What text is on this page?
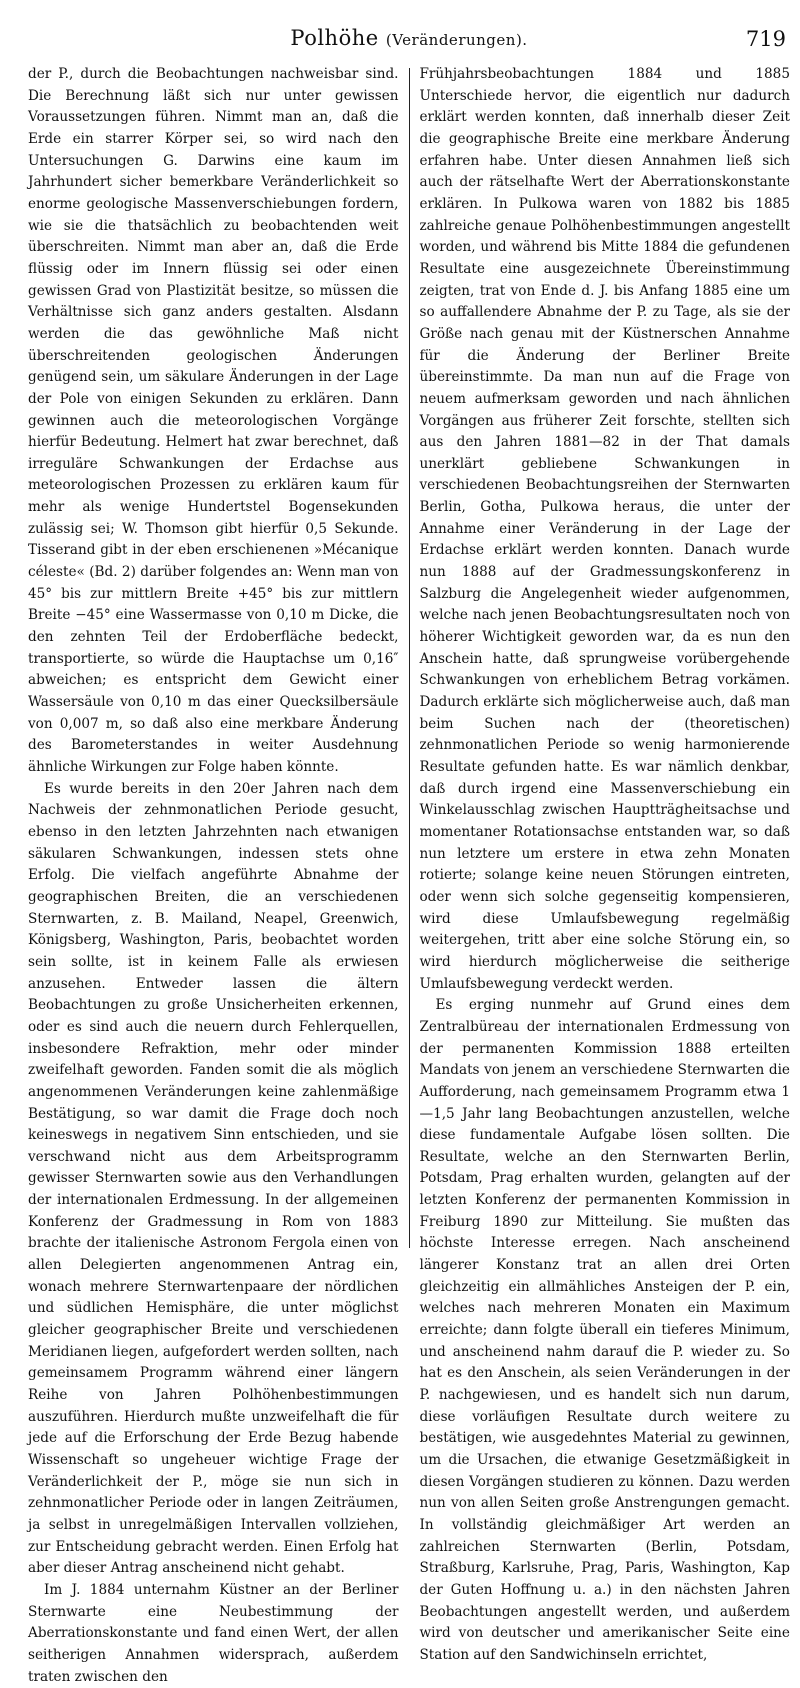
Polhöhe (Veränderungen).	719

der P., durch die Beobachtungen nachweisbar sind. Die Berechnung läßt sich nur unter gewissen Voraussetzungen führen. Nimmt man an, daß die Erde ein starrer Körper sei, so wird nach den Untersuchungen G. Darwins eine kaum im Jahrhundert sicher bemerkbare Veränderlichkeit so enorme geologische Massenverschiebungen fordern, wie sie die thatsächlich zu beobachtenden weit überschreiten. Nimmt man aber an, daß die Erde flüssig oder im Innern flüssig sei oder einen gewissen Grad von Plastizität besitze, so müssen die Verhältnisse sich ganz anders gestalten. Alsdann werden die das gewöhnliche Maß nicht überschreitenden geologischen Änderungen genügend sein, um säkulare Änderungen in der Lage der Pole von einigen Sekunden zu erklären. Dann gewinnen auch die meteorologischen Vorgänge hierfür Bedeutung. Helmert hat zwar berechnet, daß irreguläre Schwankungen der Erdachse aus meteorologischen Prozessen zu erklären kaum für mehr als wenige Hundertstel Bogensekunden zulässig sei; W. Thomson gibt hierfür 0,5 Sekunde. Tisserand gibt in der eben erschienenen »Mécanique céleste« (Bd. 2) darüber folgendes an: Wenn man von 45° bis zur mittlern Breite +45° bis zur mittlern Breite −45° eine Wassermasse von 0,10 m Dicke, die den zehnten Teil der Erdoberfläche bedeckt, transportierte, so würde die Hauptachse um 0,16″ abweichen; es entspricht dem Gewicht einer Wassersäule von 0,10 m das einer Quecksilbersäule von 0,007 m, so daß also eine merkbare Änderung des Barometerstandes in weiter Ausdehnung ähnliche Wirkungen zur Folge haben könnte.

Es wurde bereits in den 20er Jahren nach dem Nachweis der zehnmonatlichen Periode gesucht, ebenso in den letzten Jahrzehnten nach etwanigen säkularen Schwankungen, indessen stets ohne Erfolg. Die vielfach angeführte Abnahme der geographischen Breiten, die an verschiedenen Sternwarten, z. B. Mailand, Neapel, Greenwich, Königsberg, Washington, Paris, beobachtet worden sein sollte, ist in keinem Falle als erwiesen anzusehen. Entweder lassen die ältern Beobachtungen zu große Unsicherheiten erkennen, oder es sind auch die neuern durch Fehlerquellen, insbesondere Refraktion, mehr oder minder zweifelhaft geworden. Fanden somit die als möglich angenommenen Veränderungen keine zahlenmäßige Bestätigung, so war damit die Frage doch noch keineswegs in negativem Sinn entschieden, und sie verschwand nicht aus dem Arbeitsprogramm gewisser Sternwarten sowie aus den Verhandlungen der internationalen Erdmessung. In der allgemeinen Konferenz der Gradmessung in Rom von 1883 brachte der italienische Astronom Fergola einen von allen Delegierten angenommenen Antrag ein, wonach mehrere Sternwartenpaare der nördlichen und südlichen Hemisphäre, die unter möglichst gleicher geographischer Breite und verschiedenen Meridianen liegen, aufgefordert werden sollten, nach gemeinsamem Programm während einer längern Reihe von Jahren Polhöhenbestimmungen auszuführen. Hierdurch mußte unzweifelhaft die für jede auf die Erforschung der Erde Bezug habende Wissenschaft so ungeheuer wichtige Frage der Veränderlichkeit der P., möge sie nun sich in zehnmonatlicher Periode oder in langen Zeiträumen, ja selbst in unregelmäßigen Intervallen vollziehen, zur Entscheidung gebracht werden. Einen Erfolg hat aber dieser Antrag anscheinend nicht gehabt.

Im J. 1884 unternahm Küstner an der Berliner Sternwarte eine Neubestimmung der Aberrationskonstante und fand einen Wert, der allen seitherigen Annahmen widersprach, außerdem traten zwischen den

Frühjahrsbeobachtungen 1884 und 1885 Unterschiede hervor, die eigentlich nur dadurch erklärt werden konnten, daß innerhalb dieser Zeit die geographische Breite eine merkbare Änderung erfahren habe. Unter diesen Annahmen ließ sich auch der rätselhafte Wert der Aberrationskonstante erklären. In Pulkowa waren von 1882 bis 1885 zahlreiche genaue Polhöhenbestimmungen angestellt worden, und während bis Mitte 1884 die gefundenen Resultate eine ausgezeichnete Übereinstimmung zeigten, trat von Ende d. J. bis Anfang 1885 eine um so auffallendere Abnahme der P. zu Tage, als sie der Größe nach genau mit der Küstnerschen Annahme für die Änderung der Berliner Breite übereinstimmte. Da man nun auf die Frage von neuem aufmerksam geworden und nach ähnlichen Vorgängen aus früherer Zeit forschte, stellten sich aus den Jahren 1881—82 in der That damals unerklärt gebliebene Schwankungen in verschiedenen Beobachtungsreihen der Sternwarten Berlin, Gotha, Pulkowa heraus, die unter der Annahme einer Veränderung in der Lage der Erdachse erklärt werden konnten. Danach wurde nun 1888 auf der Gradmessungskonferenz in Salzburg die Angelegenheit wieder aufgenommen, welche nach jenen Beobachtungsresultaten noch von höherer Wichtigkeit geworden war, da es nun den Anschein hatte, daß sprungweise vorübergehende Schwankungen von erheblichem Betrag vorkämen. Dadurch erklärte sich möglicherweise auch, daß man beim Suchen nach der (theoretischen) zehnmonatlichen Periode so wenig harmonierende Resultate gefunden hatte. Es war nämlich denkbar, daß durch irgend eine Massenverschiebung ein Winkelausschlag zwischen Hauptträgheitsachse und momentaner Rotationsachse entstanden war, so daß nun letztere um erstere in etwa zehn Monaten rotierte; solange keine neuen Störungen eintreten, oder wenn sich solche gegenseitig kompensieren, wird diese Umlaufsbewegung regelmäßig weitergehen, tritt aber eine solche Störung ein, so wird hierdurch möglicherweise die seitherige Umlaufsbewegung verdeckt werden.

Es erging nunmehr auf Grund eines dem Zentralbüreau der internationalen Erdmessung von der permanenten Kommission 1888 erteilten Mandats von jenem an verschiedene Sternwarten die Aufforderung, nach gemeinsamem Programm etwa 1—1,5 Jahr lang Beobachtungen anzustellen, welche diese fundamentale Aufgabe lösen sollten. Die Resultate, welche an den Sternwarten Berlin, Potsdam, Prag erhalten wurden, gelangten auf der letzten Konferenz der permanenten Kommission in Freiburg 1890 zur Mitteilung. Sie mußten das höchste Interesse erregen. Nach anscheinend längerer Konstanz trat an allen drei Orten gleichzeitig ein allmähliches Ansteigen der P. ein, welches nach mehreren Monaten ein Maximum erreichte; dann folgte überall ein tieferes Minimum, und anscheinend nahm darauf die P. wieder zu. So hat es den Anschein, als seien Veränderungen in der P. nachgewiesen, und es handelt sich nun darum, diese vorläufigen Resultate durch weitere zu bestätigen, wie ausgedehntes Material zu gewinnen, um die Ursachen, die etwanige Gesetzmäßigkeit in diesen Vorgängen studieren zu können. Dazu werden nun von allen Seiten große Anstrengungen gemacht. In vollständig gleichmäßiger Art werden an zahlreichen Sternwarten (Berlin, Potsdam, Straßburg, Karlsruhe, Prag, Paris, Washington, Kap der Guten Hoffnung u. a.) in den nächsten Jahren Beobachtungen angestellt werden, und außerdem wird von deutscher und amerikanischer Seite eine Station auf den Sandwichinseln errichtet,
